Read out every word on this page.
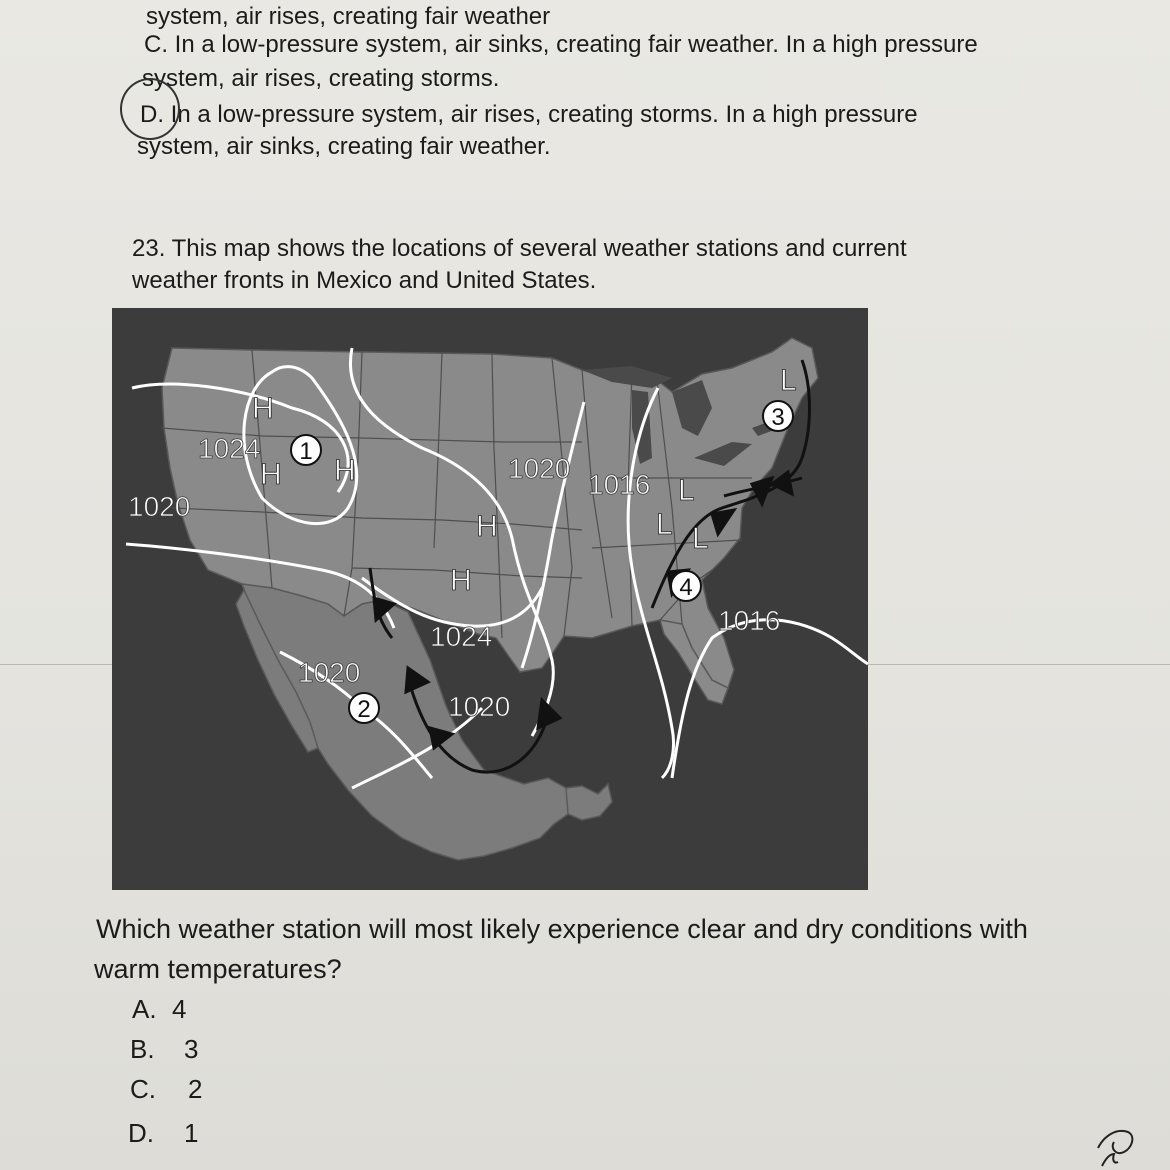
system, air rises, creating fair weather
C. In a low-pressure system, air sinks, creating fair weather. In a high pressure
system, air rises, creating storms.
D. In a low-pressure system, air rises, creating storms. In a high pressure
system, air sinks, creating fair weather.
23. This map shows the locations of several weather stations and current
weather fronts in Mexico and United States.
1024
1020
1020
1016
1024
1020
1020
1016
H
H H
H
H
L
L
L L
1
2
3
4
Which weather station will most likely experience clear and dry conditions with
warm temperatures?
A. 4
B. 3
C. 2
D. 1
